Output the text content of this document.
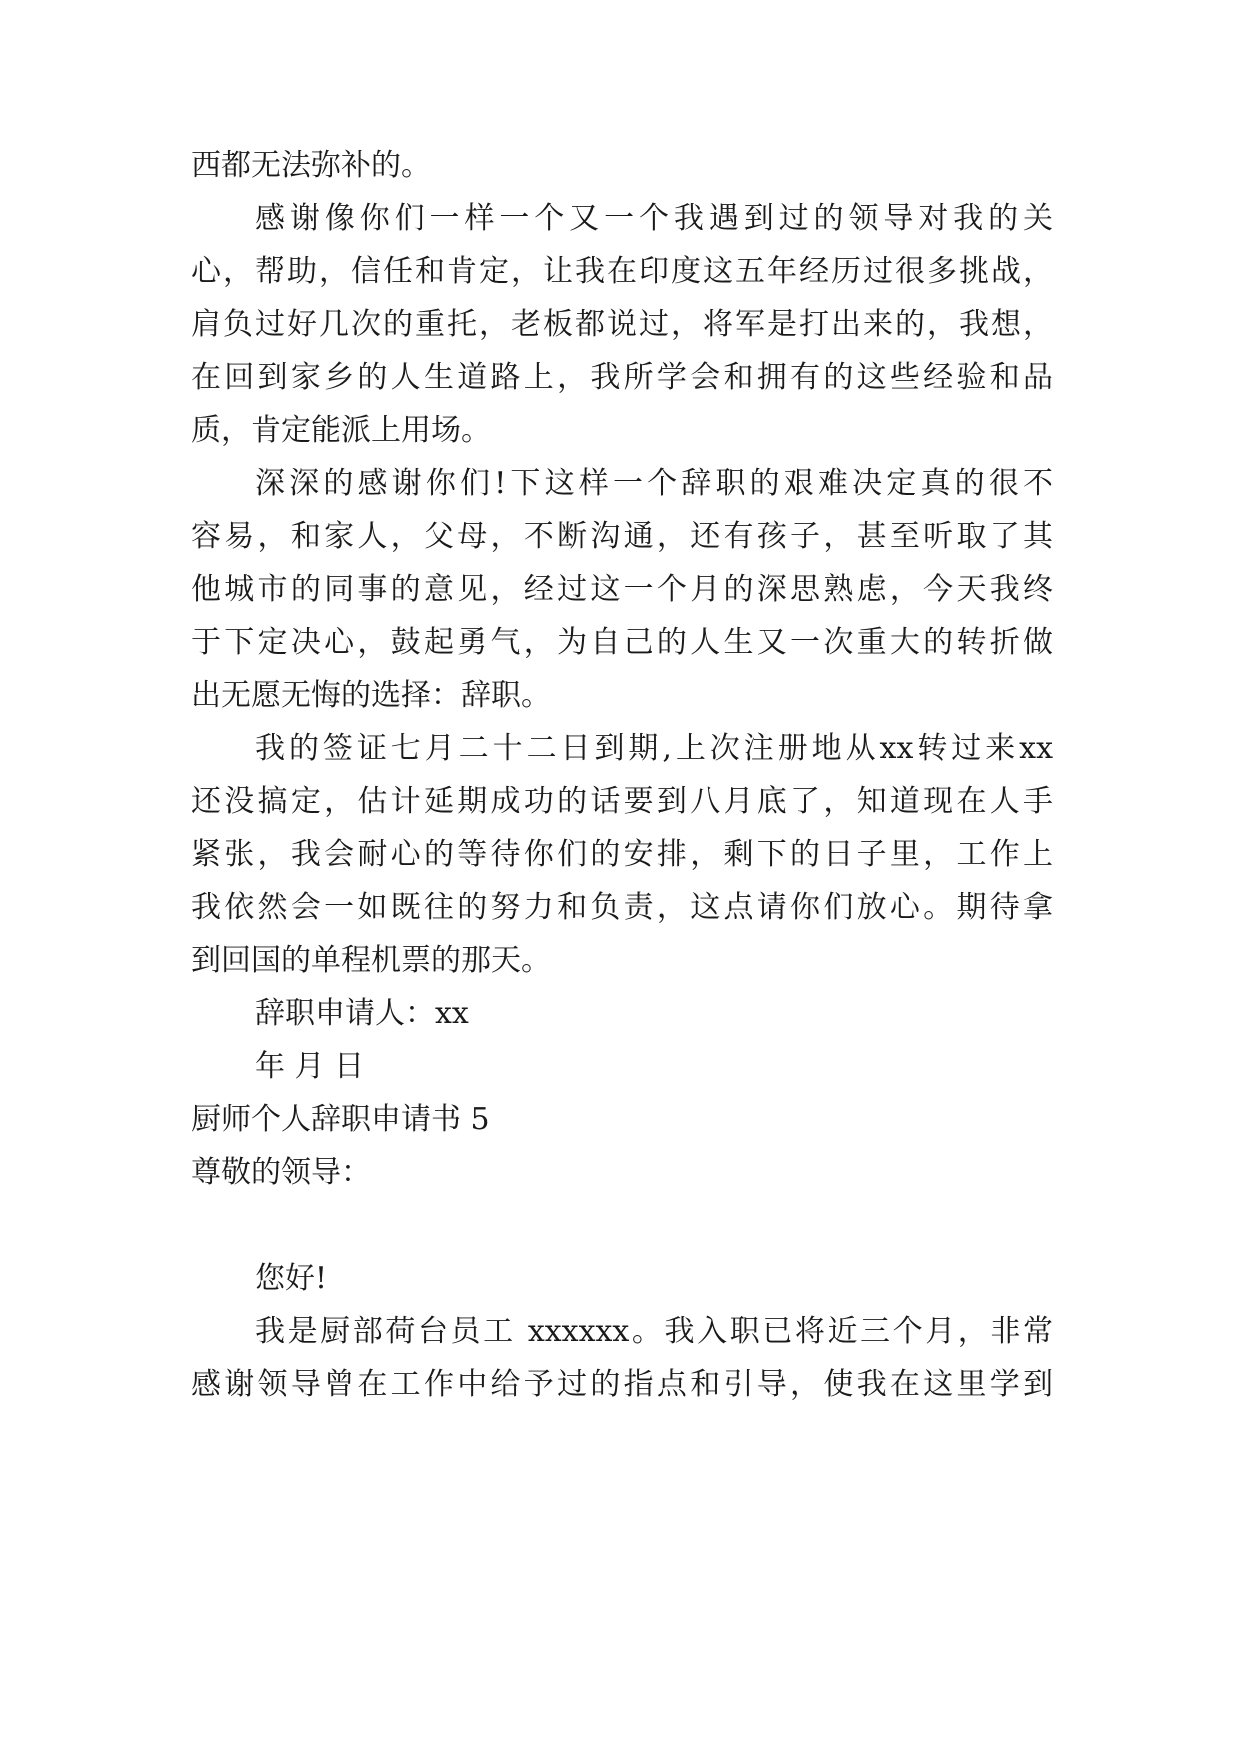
西都无法弥补的。
感谢像你们一样一个又一个我遇到过的领导对我的关
心，帮助，信任和肯定，让我在印度这五年经历过很多挑战，
肩负过好几次的重托，老板都说过，将军是打出来的，我想，
在回到家乡的人生道路上，我所学会和拥有的这些经验和品
质，肯定能派上用场。
深深的感谢你们!下这样一个辞职的艰难决定真的很不
容易，和家人，父母，不断沟通，还有孩子，甚至听取了其
他城市的同事的意见，经过这一个月的深思熟虑，今天我终
于下定决心，鼓起勇气，为自己的人生又一次重大的转折做
出无愿无悔的选择：辞职。
我的签证七月二十二日到期,上次注册地从xx转过来xx
还没搞定，估计延期成功的话要到八月底了，知道现在人手
紧张，我会耐心的等待你们的安排，剩下的日子里，工作上
我依然会一如既往的努力和负责，这点请你们放心。期待拿
到回国的单程机票的那天。
辞职申请人：xx
年 月 日
厨师个人辞职申请书 5
尊敬的领导：
您好!
我是厨部荷台员工 xxxxxx。我入职已将近三个月，非常
感谢领导曾在工作中给予过的指点和引导，使我在这里学到
